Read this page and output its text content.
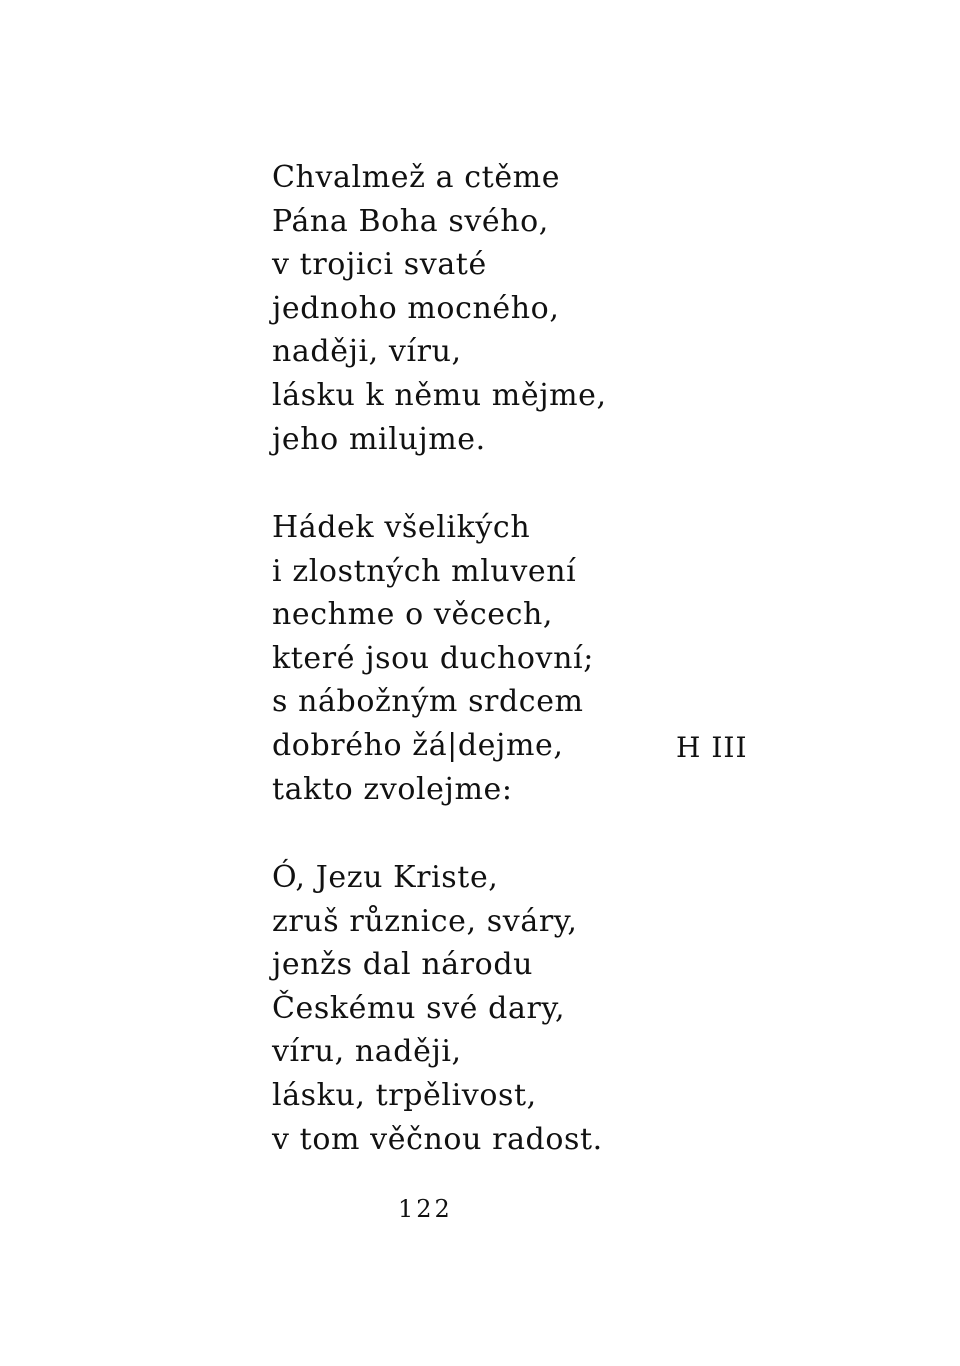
Chvalmež a ctěme
Pána Boha svého,
v trojici svaté
jednoho mocného,
naději, víru,
lásku k němu mějme,
jeho milujme.
Hádek všelikých
i zlostných mluvení
nechme o věcech,
které jsou duchovní;
s nábožným srdcem
dobrého žá|dejme,
takto zvolejme:
H III
Ó, Jezu Kriste,
zruš různice, sváry,
jenžs dal národu
Českému své dary,
víru, naději,
lásku, trpělivost,
v tom věčnou radost.
122
